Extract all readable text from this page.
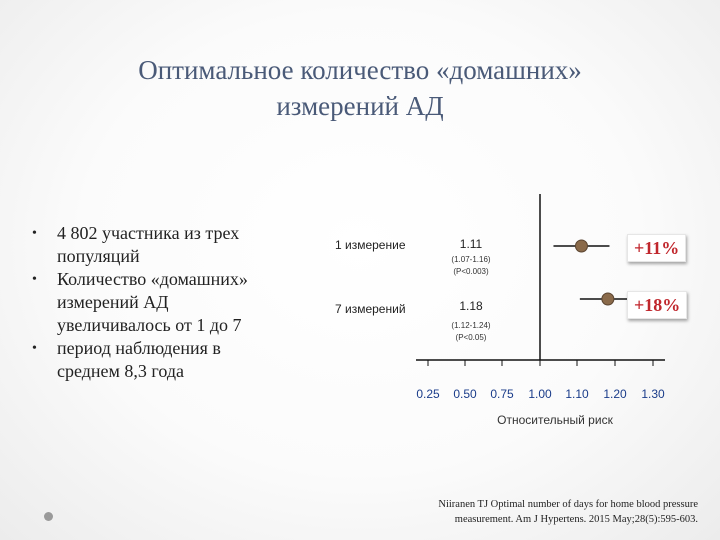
Оптимальное количество «домашних»
измерений АД
• 4 802 участника из трех
популяций
• Количество «домашних»
измерений АД
увеличивалось от 1 до 7
• период наблюдения в
среднем 8,3 года
1 измерение	1.11
(1.07-1.16)
(P<0.003)
7 измерений	1.18
(1.12-1.24)
(P<0.05)
0.25 0.50 0.75 1.00 1.10 1.20 1.30
Относительный риск
+11%
+18%
Niiranen TJ Optimal number of days for home blood pressure
measurement. Am J Hypertens. 2015 May;28(5):595-603.
